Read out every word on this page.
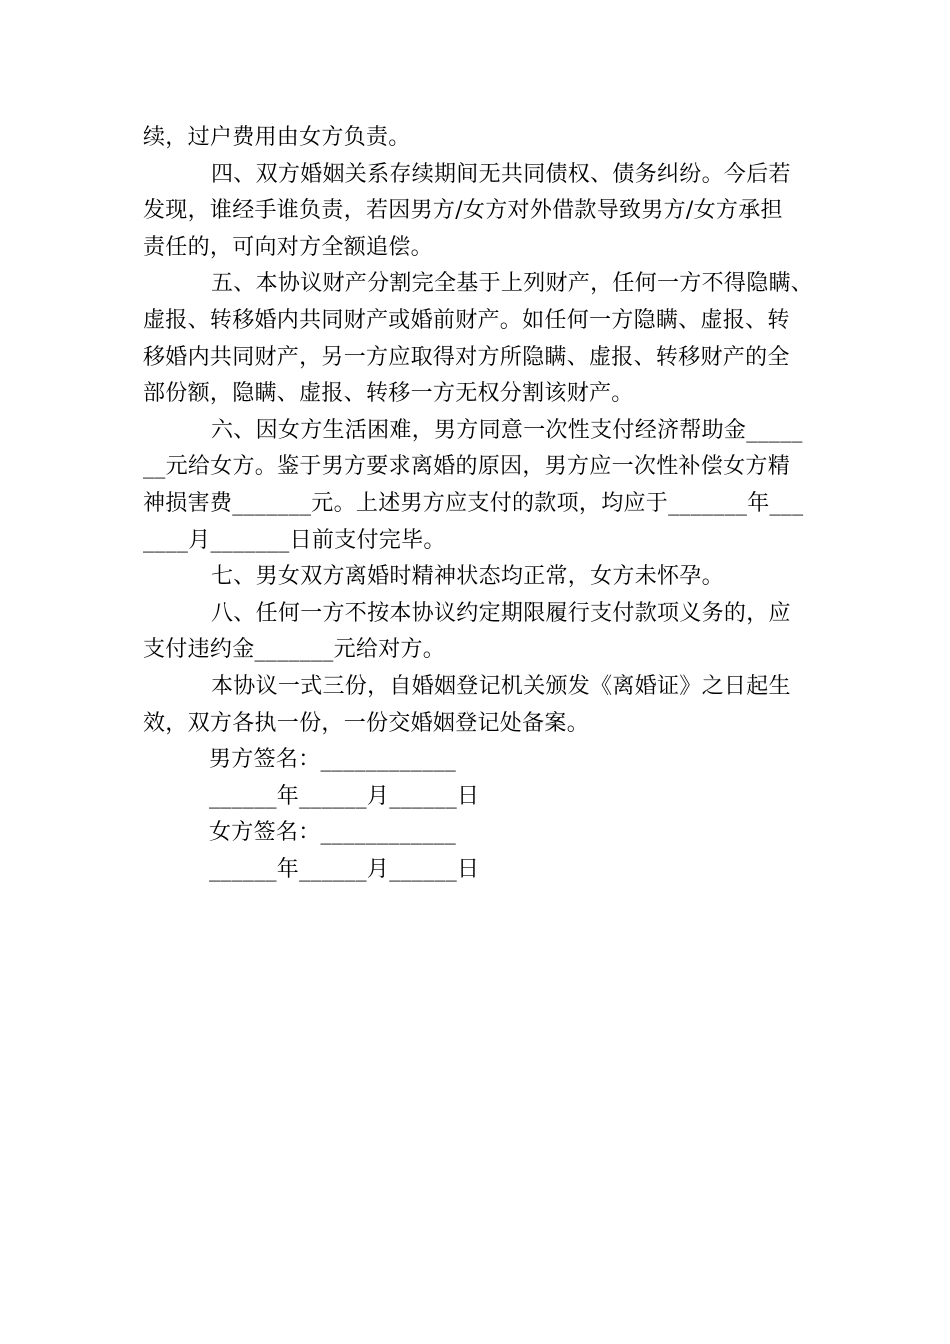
续，过户费用由女方负责。
四、双方婚姻关系存续期间无共同债权、债务纠纷。今后若
发现，谁经手谁负责，若因男方/女方对外借款导致男方/女方承担
责任的，可向对方全额追偿。
五、本协议财产分割完全基于上列财产，任何一方不得隐瞒、
虚报、转移婚内共同财产或婚前财产。如任何一方隐瞒、虚报、转
移婚内共同财产，另一方应取得对方所隐瞒、虚报、转移财产的全
部份额，隐瞒、虚报、转移一方无权分割该财产。
六、因女方生活困难，男方同意一次性支付经济帮助金_____
__元给女方。鉴于男方要求离婚的原因，男方应一次性补偿女方精
神损害费_______元。上述男方应支付的款项，均应于_______年___
____月_______日前支付完毕。
七、男女双方离婚时精神状态均正常，女方未怀孕。
八、任何一方不按本协议约定期限履行支付款项义务的，应
支付违约金_______元给对方。
本协议一式三份，自婚姻登记机关颁发《离婚证》之日起生
效，双方各执一份，一份交婚姻登记处备案。
男方签名：____________
______年______月______日
女方签名：____________
______年______月______日
